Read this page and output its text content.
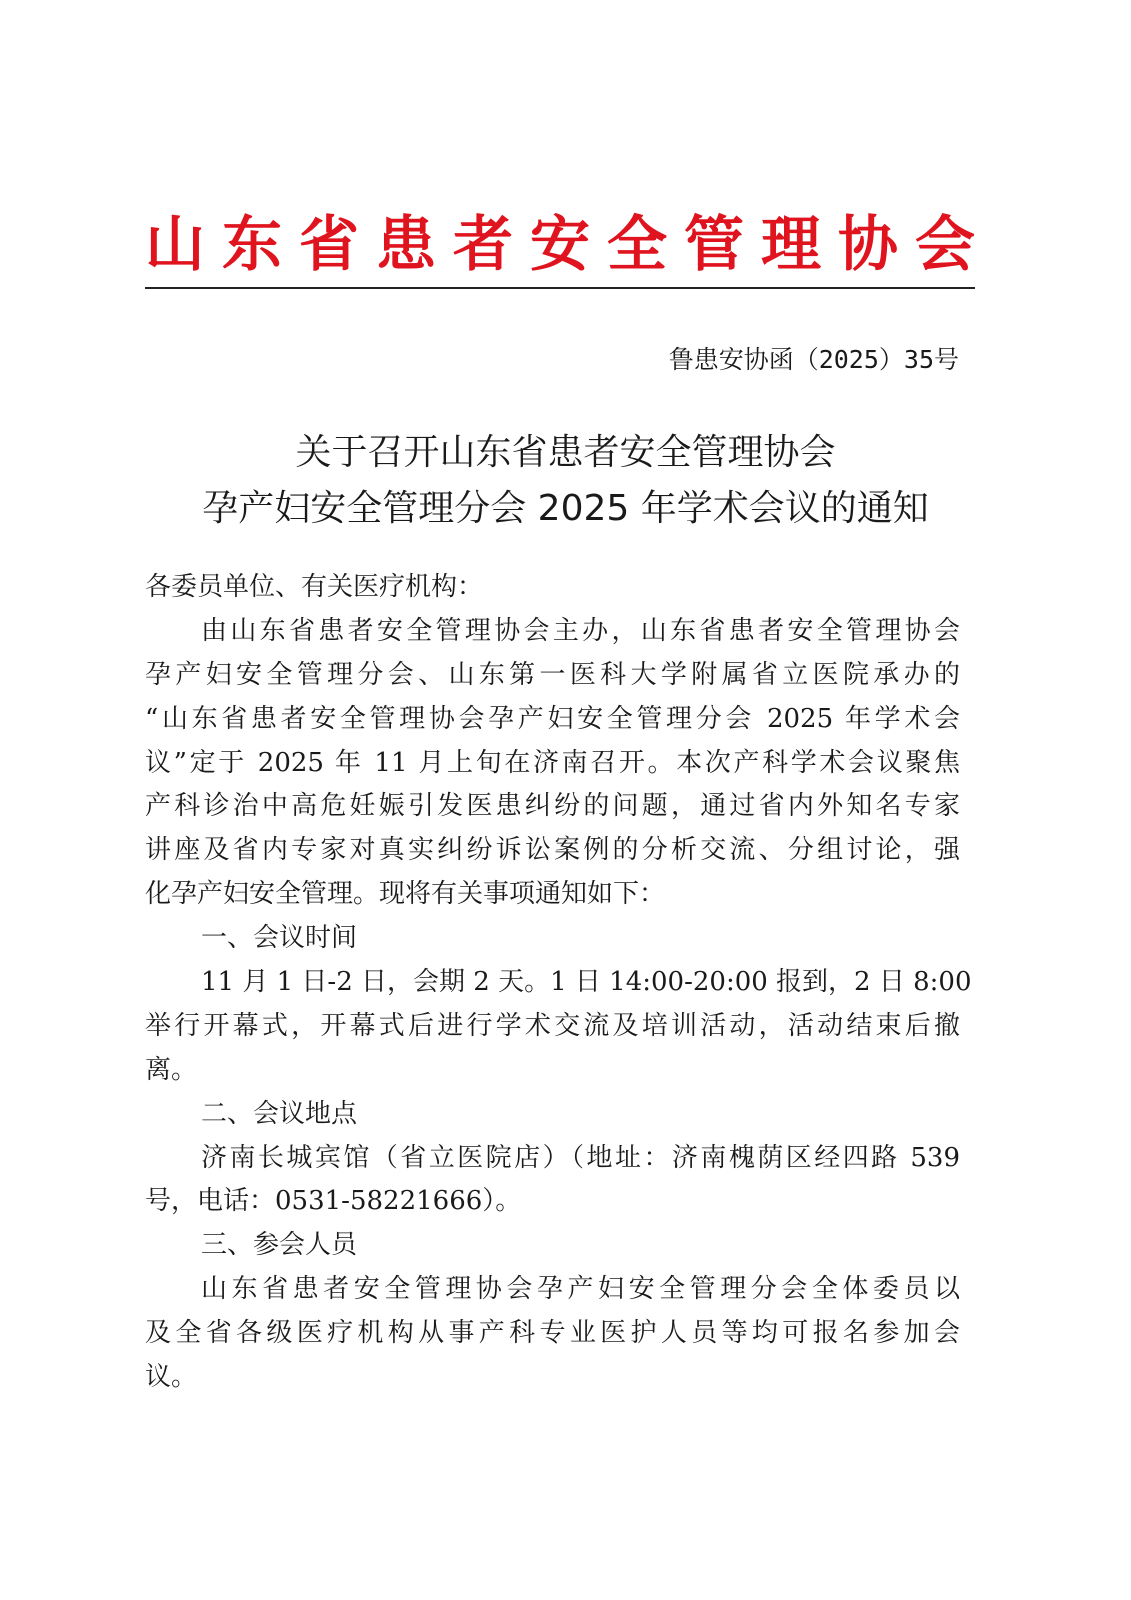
山 东 省 患 者 安 全 管 理 协 会
鲁患安协函（2025）35号
关于召开山东省患者安全管理协会
孕产妇安全管理分会 2025 年学术会议的通知
各委员单位、有关医疗机构：
由山东省患者安全管理协会主办，山东省患者安全管理协会
孕产妇安全管理分会、山东第一医科大学附属省立医院承办的
“山东省患者安全管理协会孕产妇安全管理分会 2025 年学术会
议”定于 2025 年 11 月上旬在济南召开。本次产科学术会议聚焦
产科诊治中高危妊娠引发医患纠纷的问题，通过省内外知名专家
讲座及省内专家对真实纠纷诉讼案例的分析交流、分组讨论，强
化孕产妇安全管理。现将有关事项通知如下：
一、会议时间
11 月 1 日-2 日，会期 2 天。1 日 14:00-20:00 报到，2 日 8:00
举行开幕式，开幕式后进行学术交流及培训活动，活动结束后撤
离。
二、会议地点
济南长城宾馆（省立医院店）（地址：济南槐荫区经四路 539
号，电话：0531-58221666）。
三、参会人员
山东省患者安全管理协会孕产妇安全管理分会全体委员以
及全省各级医疗机构从事产科专业医护人员等均可报名参加会
议。
